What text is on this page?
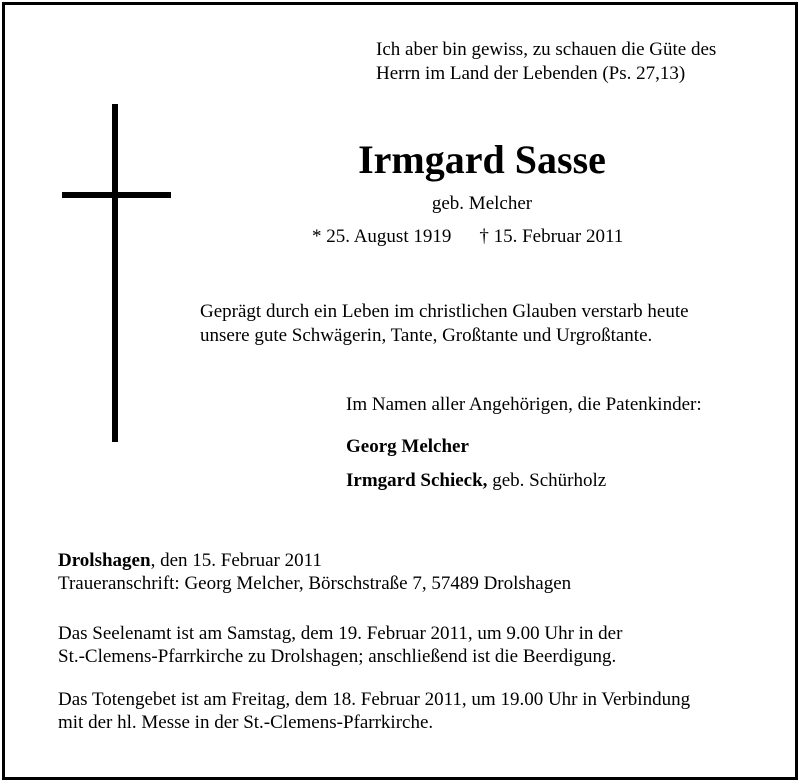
Ich aber bin gewiss, zu schauen die Güte des
Herrn im Land der Lebenden (Ps. 27,13)
Irmgard Sasse
geb. Melcher
* 25. August 1919 † 15. Februar 2011
Geprägt durch ein Leben im christlichen Glauben verstarb heute
unsere gute Schwägerin, Tante, Großtante und Urgroßtante.
Im Namen aller Angehörigen, die Patenkinder:
Georg Melcher
Irmgard Schieck, geb. Schürholz
Drolshagen, den 15. Februar 2011
Traueranschrift: Georg Melcher, Börschstraße 7, 57489 Drolshagen
Das Seelenamt ist am Samstag, dem 19. Februar 2011, um 9.00 Uhr in der
St.-Clemens-Pfarrkirche zu Drolshagen; anschließend ist die Beerdigung.
Das Totengebet ist am Freitag, dem 18. Februar 2011, um 19.00 Uhr in Verbindung
mit der hl. Messe in der St.-Clemens-Pfarrkirche.
